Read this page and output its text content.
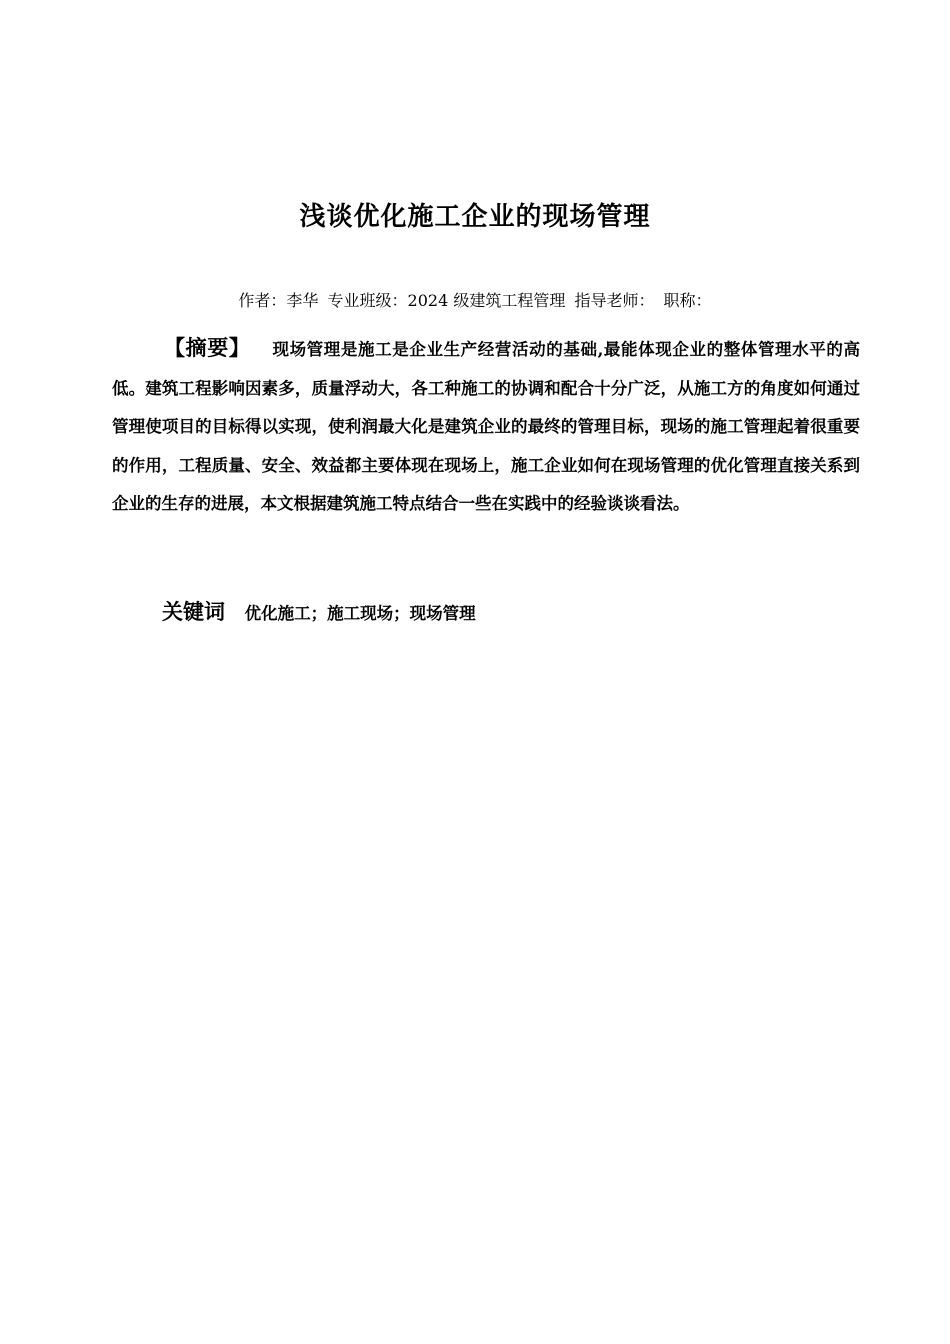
浅谈优化施工企业的现场管理
作者：李华 专业班级：2024 级建筑工程管理 指导老师： 职称：
【摘要】 现场管理是施工是企业生产经营活动的基础,最能体现企业的整体管理水平的高低。建筑工程影响因素多，质量浮动大，各工种施工的协调和配合十分广泛，从施工方的角度如何通过管理使项目的目标得以实现，使利润最大化是建筑企业的最终的管理目标，现场的施工管理起着很重要的作用，工程质量、安全、效益都主要体现在现场上，施工企业如何在现场管理的优化管理直接关系到企业的生存的进展，本文根据建筑施工特点结合一些在实践中的经验谈谈看法。
关键词 优化施工；施工现场；现场管理
